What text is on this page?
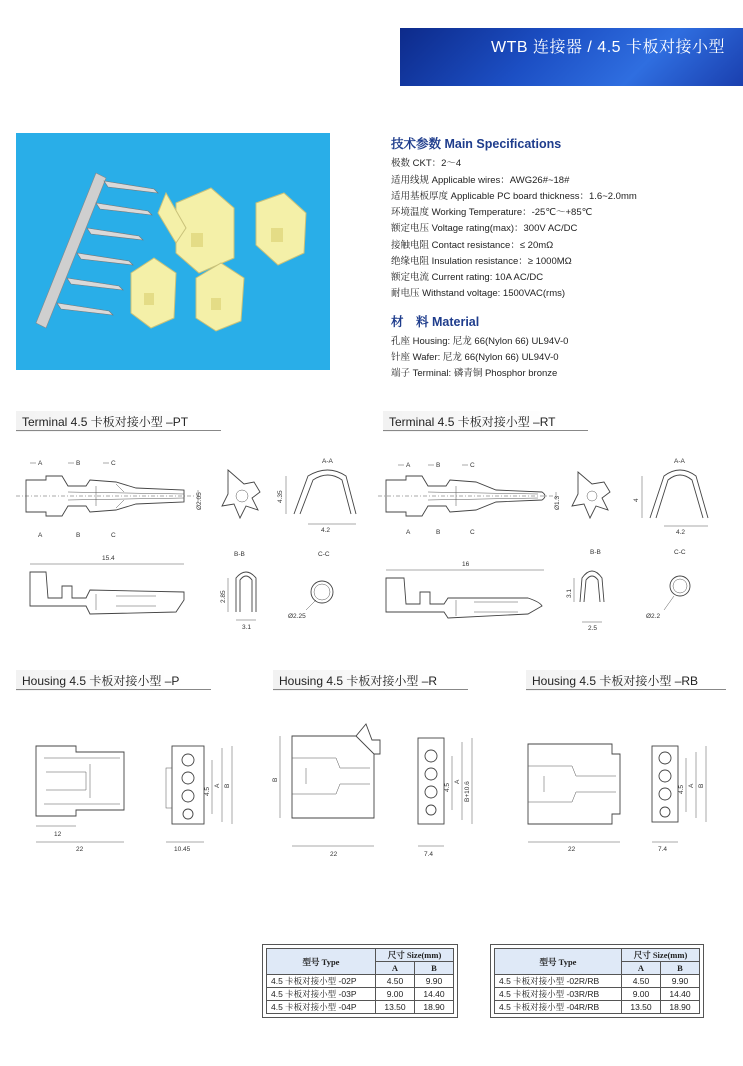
WTB 连接器 / 4.5 卡板对接小型
技术参数 Main Specifications
极数 CKT：2～4
适用线规 Applicable wires：AWG26#~18#
适用基板厚度 Applicable PC board thickness：1.6~2.0mm
环境温度 Working Temperature：-25℃～+85℃
额定电压 Voltage rating(max)：300V AC/DC
接触电阻 Contact resistance：≤ 20mΩ
绝缘电阻 Insulation resistance：≥ 1000MΩ
额定电流 Current rating: 10A AC/DC
耐电压 Withstand voltage: 1500VAC(rms)
材　料 Material
孔座 Housing: 尼龙 66(Nylon 66) UL94V-0
针座 Wafer: 尼龙 66(Nylon 66) UL94V-0
端子 Terminal: 磷青铜 Phosphor bronze
Terminal 4.5 卡板对接小型 –PT	Terminal 4.5 卡板对接小型 –RT
Housing 4.5 卡板对接小型 –P	Housing 4.5 卡板对接小型 –R	Housing 4.5 卡板对接小型 –RB
A	B	C
A	B	C
Ø2.05
A-A
4.35
4.2
15.4
B-B
2.85
3.1
C-C
Ø2.25
A	B	C
A	B	C
Ø1.3
A-A
4
4.2
16
B-B
3.1
2.5
C-C
Ø2.2
12
22
4.5
A B
10.45
B
22
4.5
A B+10.6
7.4
22
4.5 A B
7.4
型号 Type	尺寸 Size(mm)	
	A	B
4.5 卡板对接小型 -02P	4.50	9.90
4.5 卡板对接小型 -03P	9.00	14.40
4.5 卡板对接小型 -04P	13.50	18.90
型号 Type	尺寸 Size(mm)	
	A	B
4.5 卡板对接小型 -02R/RB	4.50	9.90
4.5 卡板对接小型 -03R/RB	9.00	14.40
4.5 卡板对接小型 -04R/RB	13.50	18.90
